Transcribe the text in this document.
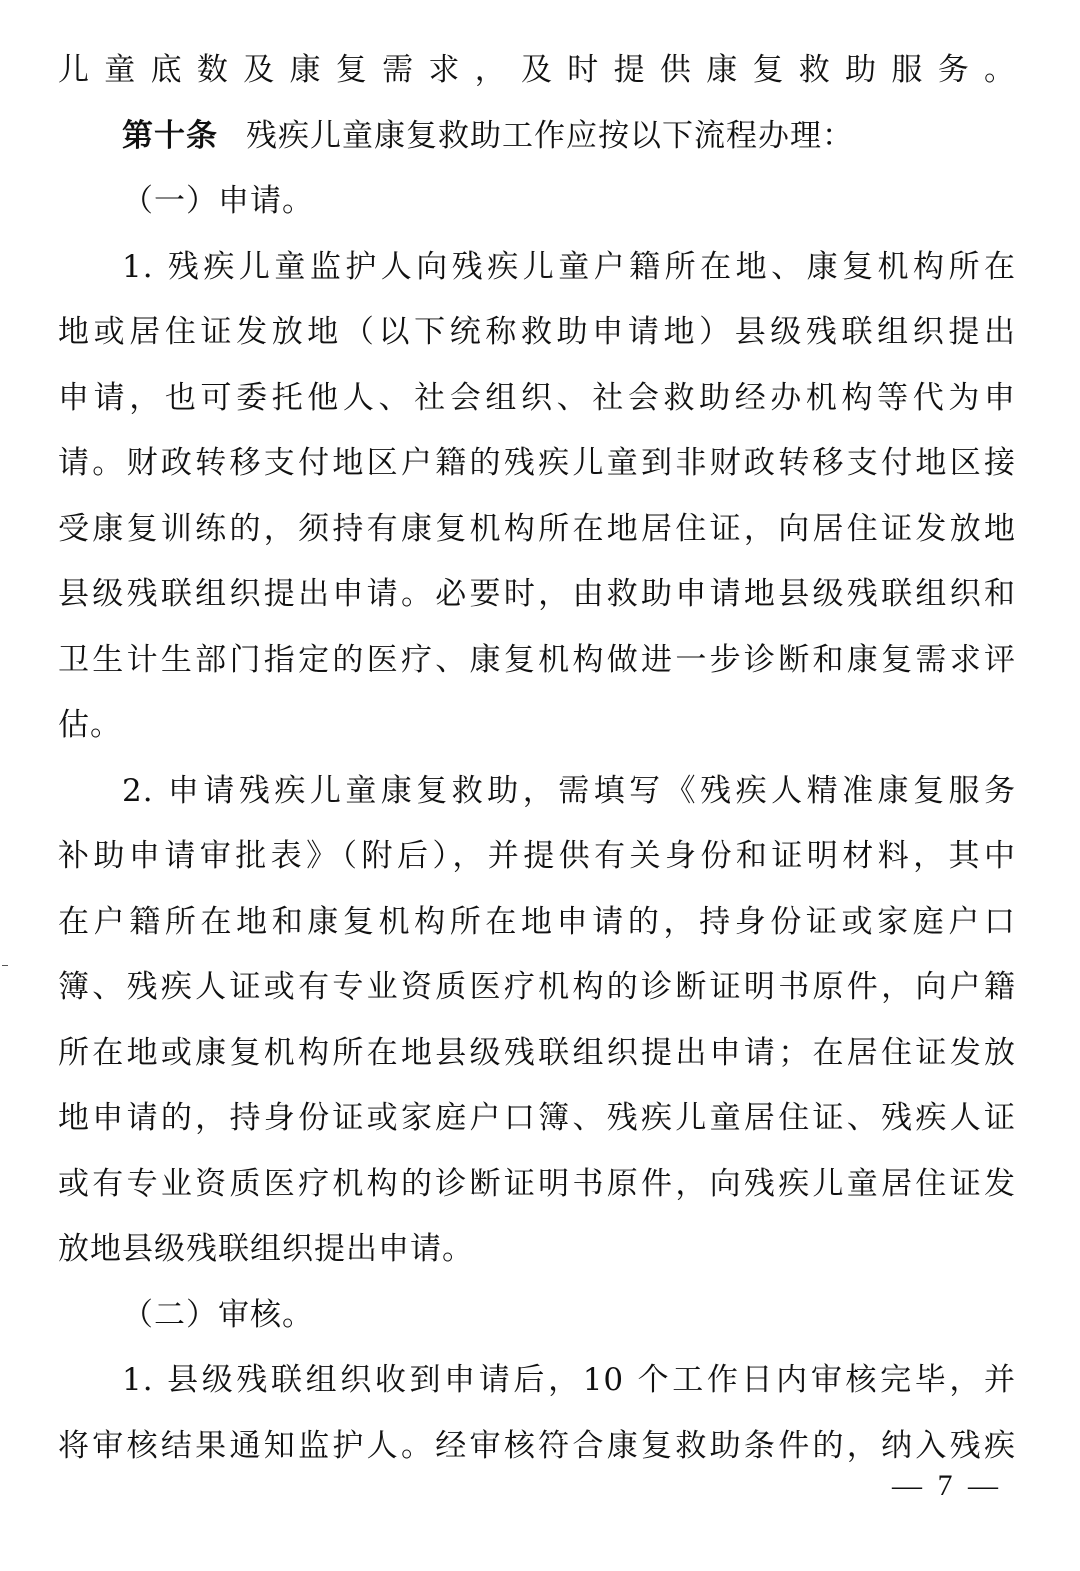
儿童底数及康复需求，及时提供康复救助服务。
第十条 残疾儿童康复救助工作应按以下流程办理：
（一）申请。
1. 残疾儿童监护人向残疾儿童户籍所在地、康复机构所在
地或居住证发放地（以下统称救助申请地）县级残联组织提出
申请，也可委托他人、社会组织、社会救助经办机构等代为申
请。财政转移支付地区户籍的残疾儿童到非财政转移支付地区接
受康复训练的，须持有康复机构所在地居住证，向居住证发放地
县级残联组织提出申请。必要时，由救助申请地县级残联组织和
卫生计生部门指定的医疗、康复机构做进一步诊断和康复需求评
估。
2. 申请残疾儿童康复救助，需填写《残疾人精准康复服务
补助申请审批表》（附后），并提供有关身份和证明材料，其中
在户籍所在地和康复机构所在地申请的，持身份证或家庭户口
簿、残疾人证或有专业资质医疗机构的诊断证明书原件，向户籍
所在地或康复机构所在地县级残联组织提出申请；在居住证发放
地申请的，持身份证或家庭户口簿、残疾儿童居住证、残疾人证
或有专业资质医疗机构的诊断证明书原件，向残疾儿童居住证发
放地县级残联组织提出申请。
（二）审核。
1. 县级残联组织收到申请后，10 个工作日内审核完毕，并
将审核结果通知监护人。经审核符合康复救助条件的，纳入残疾
— 7 —
